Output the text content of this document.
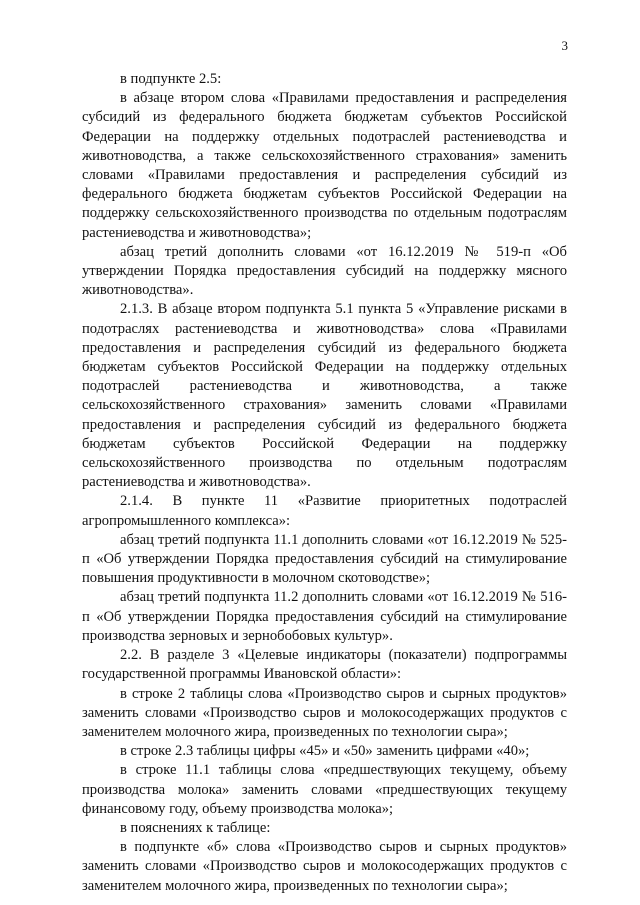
3

в подпункте 2.5:

в абзаце втором слова «Правилами предоставления и распределения субсидий из федерального бюджета бюджетам субъектов Российской Федерации на поддержку отдельных подотраслей растениеводства и животноводства, а также сельскохозяйственного страхования» заменить словами «Правилами предоставления и распределения субсидий из федерального бюджета бюджетам субъектов Российской Федерации на поддержку сельскохозяйственного производства по отдельным подотраслям растениеводства и животноводства»;

абзац третий дополнить словами «от 16.12.2019 № 519-п «Об утверждении Порядка предоставления субсидий на поддержку мясного животноводства».

2.1.3. В абзаце втором подпункта 5.1 пункта 5 «Управление рисками в подотраслях растениеводства и животноводства» слова «Правилами предоставления и распределения субсидий из федерального бюджета бюджетам субъектов Российской Федерации на поддержку отдельных подотраслей растениеводства и животноводства, а также сельскохозяйственного страхования» заменить словами «Правилами предоставления и распределения субсидий из федерального бюджета бюджетам субъектов Российской Федерации на поддержку сельскохозяйственного производства по отдельным подотраслям растениеводства и животноводства».

2.1.4. В пункте 11 «Развитие приоритетных подотраслей агропромышленного комплекса»:

абзац третий подпункта 11.1 дополнить словами «от 16.12.2019 № 525-п «Об утверждении Порядка предоставления субсидий на стимулирование повышения продуктивности в молочном скотоводстве»;

абзац третий подпункта 11.2 дополнить словами «от 16.12.2019 № 516-п «Об утверждении Порядка предоставления субсидий на стимулирование производства зерновых и зернобобовых культур».

2.2. В разделе 3 «Целевые индикаторы (показатели) подпрограммы государственной программы Ивановской области»:

в строке 2 таблицы слова «Производство сыров и сырных продуктов» заменить словами «Производство сыров и молокосодержащих продуктов с заменителем молочного жира, произведенных по технологии сыра»;

в строке 2.3 таблицы цифры «45» и «50» заменить цифрами «40»;

в строке 11.1 таблицы слова «предшествующих текущему, объему производства молока» заменить словами «предшествующих текущему финансовому году, объему производства молока»;

в пояснениях к таблице:

в подпункте «б» слова «Производство сыров и сырных продуктов» заменить словами «Производство сыров и молокосодержащих продуктов с заменителем молочного жира, произведенных по технологии сыра»;
